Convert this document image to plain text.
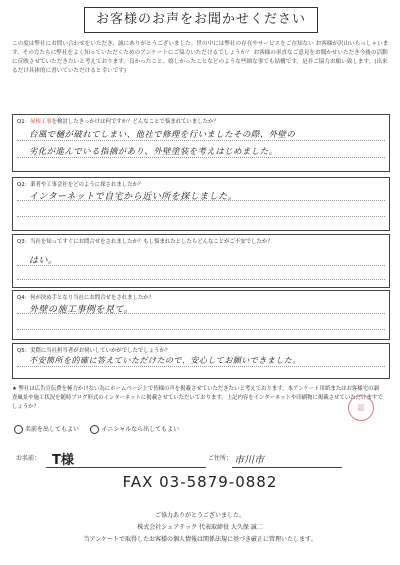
お客様のお声をお聞かせください
この度は弊社にお問い合わせをいただき、誠にありがとうございました。世の中には弊社の存在やサービスをご存知ない お客様が沢山いらっしゃいます。その方たちに弊社をよく知っていただくためのアンケートにご協力いただけるでしょうか？ お客様の率直なご意見をお聞かせいただき今後の活動に反映させていただきたいと考えております。良かったこと、嬉しかったことなどのような些細な事でも結構です。是非ご協力お願い致します。(出来るだけ具体的に書いていただけると幸いです)
Q1：屋根工事を検討したきっかけは何ですか？どんなことで悩まれていましたか？
台風で樋が破れてしまい、他社で修理を行いましたその際、外壁の
劣化が進んでいる指摘があり、外壁塗装を考えはじめました。
Q2：業者や工事会社をどのように探されましたか？
インターネットで自宅から近い所を探しました。
Q3：当社を知ってすぐにお問合せをされましたか？もし悩まれたとしたらどんなことがご不安でしたか？
はい。
Q4：何が決め手となり当社にお問合せをされましたか？
外壁の施工事例を見て。
Q5：実際に当社担当者がお伺いしていかがでしたでしょうか？
不安箇所を的確に答えていただけたので、安心してお願いできました。
★ 弊社は広告宣伝費を極力かけない為にホームページ上で皆様の声を掲載させていただきたいと考えております。本アンケート用紙またはお客様宅の調査風景や施工状況を随時ブログ形式のインターネットに掲載させていただいております。上記内容をインターネットや印刷物に掲載させていただけますでしょうか？
名前を出してもよい	イニシャルなら出してもよい
認
お名前： T様	ご住所： 市川市
FAX 03-5879-0882
ご協力ありがとうございました。
株式会社シェアテック 代表取締役 大久保 誠二
当アンケートで取得したお客様の個人情報は関係法規に基づき厳正に管理いたします。
